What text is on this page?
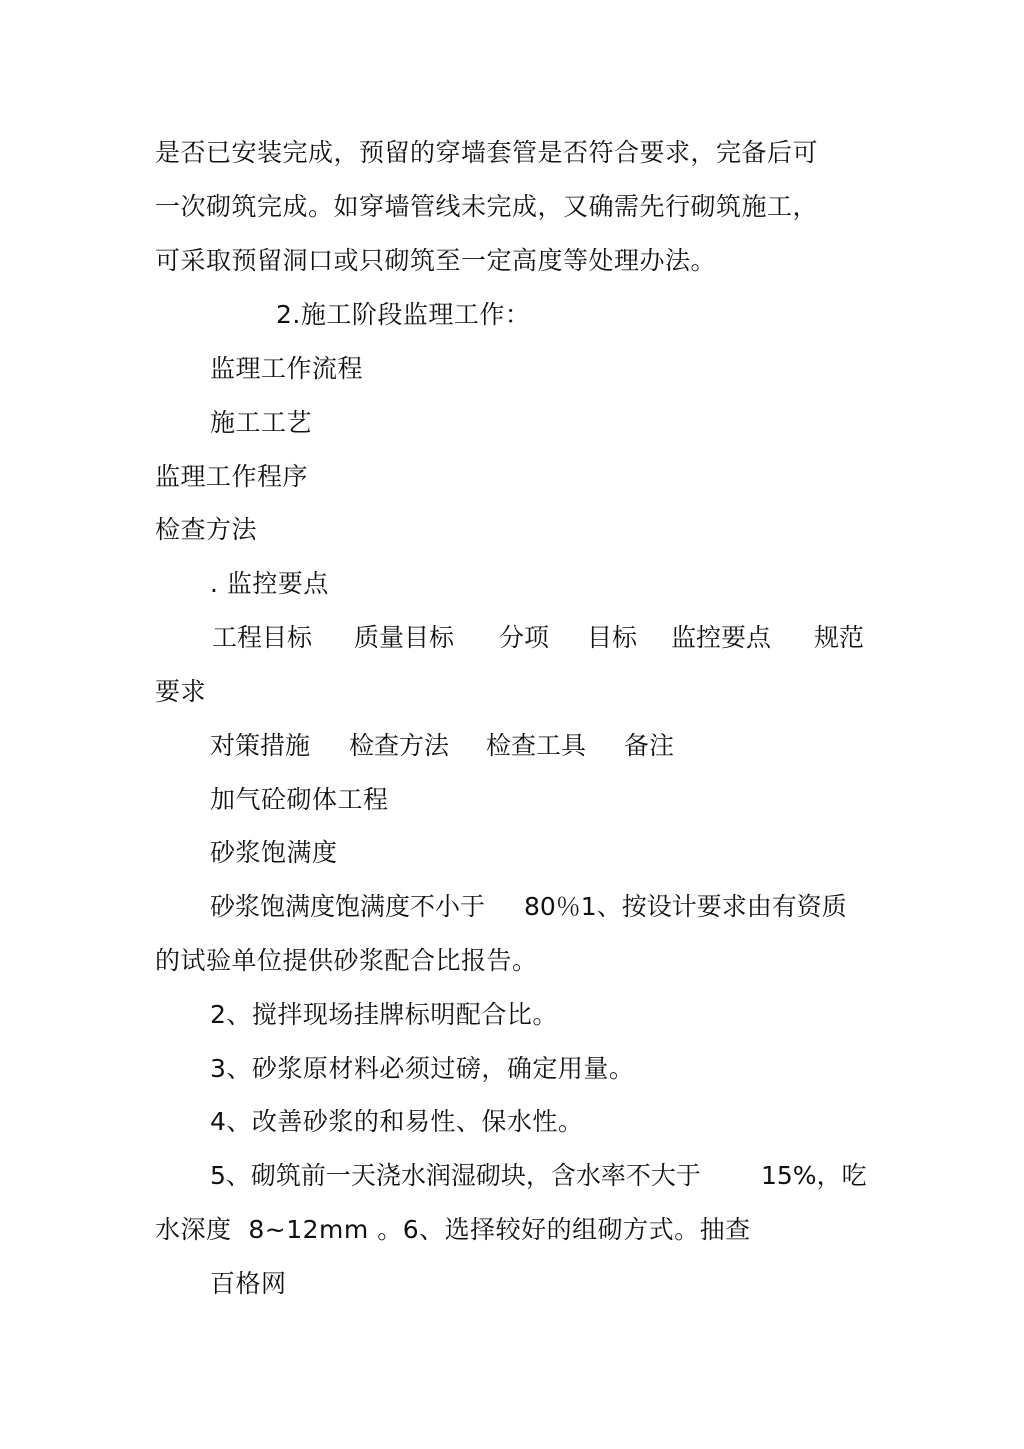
是否已安装完成，预留的穿墙套管是否符合要求，完备后可
一次砌筑完成。如穿墙管线未完成，又确需先行砌筑施工，
可采取预留洞口或只砌筑至一定高度等处理办法。
2.施工阶段监理工作：
监理工作流程
施工工艺
监理工作程序
检查方法
. 监控要点

工程目标

质量目标

分项

目标

监控要点

规范

要求

对策措施

检查方法

检查工具

备注

加气砼砌体工程
砂浆饱满度

砂浆饱满度饱满度不小于

80％1、按设计要求由有资质

的试验单位提供砂浆配合比报告。
2、搅拌现场挂牌标明配合比。
3、砂浆原材料必须过磅，确定用量。
4、改善砂浆的和易性、保水性。

5、砌筑前一天浇水润湿砌块，含水率不大于

15%，吃

水深度  8~12mm 。6、选择较好的组砌方式。抽查
百格网
